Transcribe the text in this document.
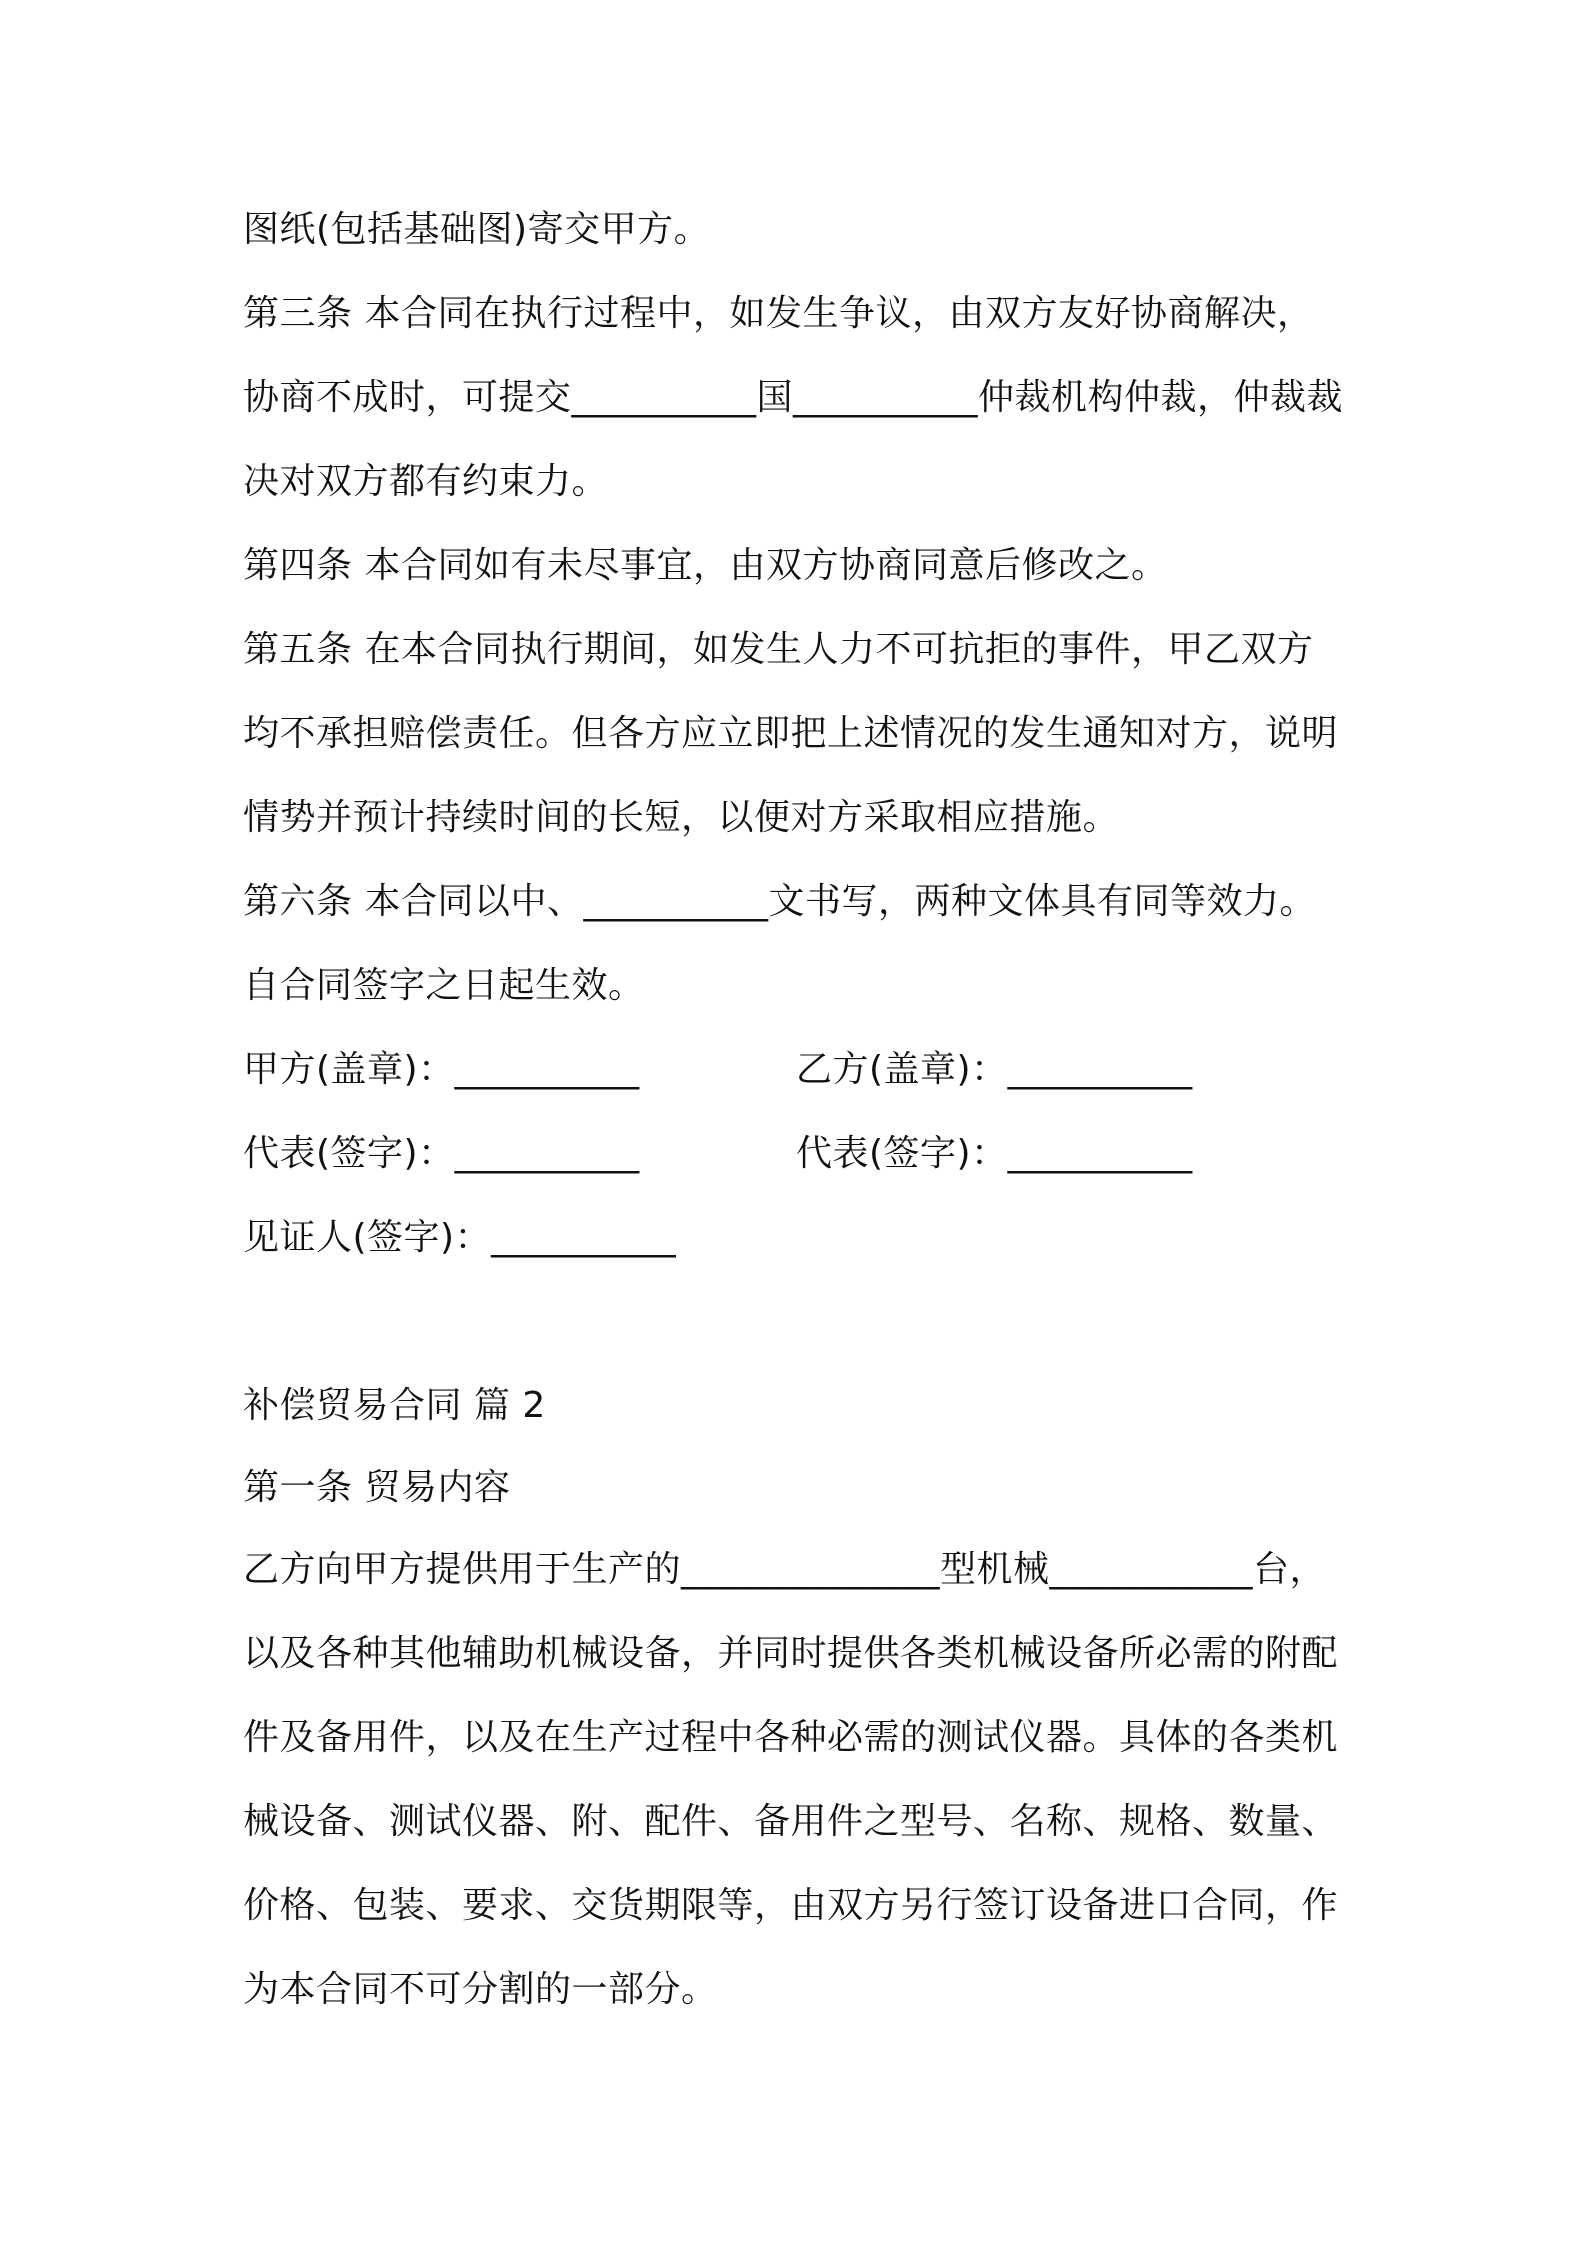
图纸(包括基础图)寄交甲方。
第三条 本合同在执行过程中，如发生争议，由双方友好协商解决，
协商不成时，可提交__________国__________仲裁机构仲裁，仲裁裁
决对双方都有约束力。
第四条 本合同如有未尽事宜，由双方协商同意后修改之。
第五条 在本合同执行期间，如发生人力不可抗拒的事件，甲乙双方
均不承担赔偿责任。但各方应立即把上述情况的发生通知对方，说明
情势并预计持续时间的长短，以便对方采取相应措施。
第六条 本合同以中、__________文书写，两种文体具有同等效力。
自合同签字之日起生效。
甲方(盖章)：__________	乙方(盖章)：__________
代表(签字)：__________	代表(签字)：__________
见证人(签字)：__________
补偿贸易合同 篇 2
第一条 贸易内容
乙方向甲方提供用于生产的______________型机械___________台，
以及各种其他辅助机械设备，并同时提供各类机械设备所必需的附配
件及备用件，以及在生产过程中各种必需的测试仪器。具体的各类机
械设备、测试仪器、附、配件、备用件之型号、名称、规格、数量、
价格、包装、要求、交货期限等，由双方另行签订设备进口合同，作
为本合同不可分割的一部分。
